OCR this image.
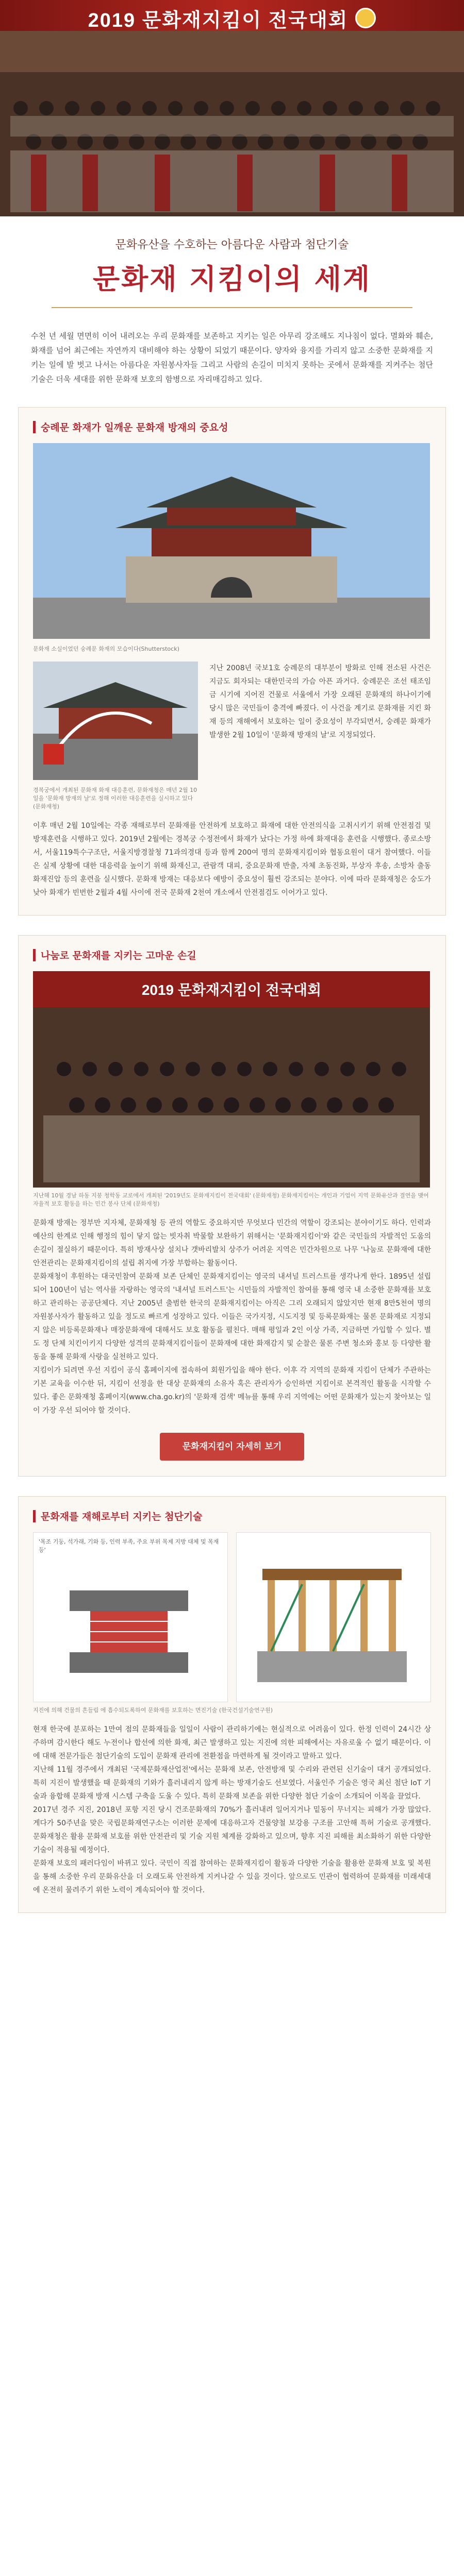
2019 문화재지킴이 전국대회
문화유산을 수호하는 아름다운 사람과 첨단기술
문화재 지킴이의 세계

수천 년 세월 면면히 이어 내려오는 우리 문화재를 보존하고 지키는 일은 아무리 강조해도 지나침이 없다. 멸화와 훼손, 화재를 넘어 최근에는 자연까지 대비해야 하는 상황이 되었기 때문이다. 양자와 융지를 가리지 않고 소중한 문화재를 지키는 일에 발 벗고 나서는 아름다운 자원봉사자들 그리고 사람의 손길이 미치지 못하는 곳에서 문화재를 지켜주는 첨단기술은 더욱 세대를 위한 문화재 보호의 함병으로 자리매김하고 있다.

숭례문 화재가 일깨운 문화재 방재의 중요성
문화재 소실이었던 숭례문 화재의 모습이다(Shutterstock)
경복궁에서 개최된 문화재 화재 대응훈련, 문화재청은 매년 2월 10일을 '문화재 방재의 날'로 정해 이러한 대응훈련을 실시하고 있다 (문화재청)

지난 2008년 국보1호 숭례문의 대부분이 방화로 인해 전소된 사건은 지금도 회자되는 대한민국의 가슴 아픈 과거다. 숭례문은 조선 태조임금 시기에 지어진 건물로 서울에서 가장 오래된 문화재의 하나이기에 당시 많은 국민들이 충격에 빠졌다. 이 사건을 계기로 문화재를 지킨 화재 등의 재해에서 보호하는 일이 중요성이 부각되면서, 숭례문 화재가 발생한 2월 10일이 '문화재 방재의 날'로 지정되었다.

이후 매년 2월 10일에는 각종 재해로부터 문화재를 안전하게 보호하고 화재에 대한 안전의식을 고취시키기 위해 안전점검 및 방재훈련을 시행하고 있다. 2019년 2월에는 경복궁 수정전에서 화재가 났다는 가정 하에 화재대응 훈련을 시행했다. 종로소방서, 서울119특수구조단, 서울지방경찰청 71과의경대 등과 함께 200여 명의 문화재지킴이와 협동요원이 대거 참여했다. 이들은 실제 상황에 대한 대응력을 높이기 위해 화재신고, 관람객 대피, 중요문화재 반출, 자체 초동진화, 부상자 후송, 소방차 출동 화재진압 등의 훈련을 실시했다. 문화재 방재는 대응보다 예방이 중요성이 훨씬 강조되는 분야다. 이에 따라 문화재청은 숭도가 낮아 화재가 빈번한 2월과 4월 사이에 전국 문화재 2천여 개소에서 안전점검도 이어가고 있다.

나눔로 문화재를 지키는 고마운 손길
2019 문화재지킴이 전국대회
지난해 10월 경남 하동 지붕 청학동 교로에서 개최된 '2019년도 문화재지킴이 전국대회' (문화재청) 문화재지킴이는 개인과 기업이 지역 문화유산과 결연을 맺어 자율적 보호 활동을 하는 민간 봉사 단체 (문화재청)

문화재 방재는 정부만 지자체, 문화재청 등 관의 역할도 중요하지만 무엇보다 민간의 역할이 강조되는 분야이기도 하다. 인력과 예산의 한계로 인해 행정의 힘이 닿지 않는 빗자취 박물할 보완하기 위해서는 '문화재지킴이'와 같은 국민들의 자발적인 도움의 손길이 절실하기 때문이다. 특히 방재사상 설치나 갯바리발치 상주가 어려운 지역은 민간차원으로 나무 '나눔로 문화재에 대한 안전관리는 문화재지킴이의 설립 취지에 가장 부합하는 활동이다.

문화재청이 후원하는 대국민참여 문화재 보존 단체인 문화재지킴이는 영국의 내셔널 트러스트를 생각나게 한다. 1895년 설립되어 100년이 넘는 역사를 자랑하는 영국의 '내셔널 트러스트'는 시민들의 자발적인 참여를 통해 영국 내 소중한 문화재를 보호하고 관리하는 공공단체다. 지난 2005년 출범한 한국의 문화재지킴이는 아직은 그리 오래되지 않았지만 현재 8만5천여 명의 자원봉사자가 활동하고 있을 정도로 빠르게 성장하고 있다. 이들은 국가지정, 시도지정 및 등록문화재는 물론 문화재로 지정되지 않은 비등록문화재나 매장문화재에 대해서도 보호 활동을 펼친다. 매해 평일과 2인 이상 가족, 지금하면 가입할 수 있다. 별도 정 단체 치킨이키지 다양한 성격의 문화재지킴이들이 문화재에 대한 화재감지 및 순찰은 물론 주변 청소와 홍보 등 다양한 활동을 통해 문화재 사랑을 실천하고 있다.

지킴이가 되려면 우선 지킴이 공식 홈페이지에 접속하여 회원가입을 해야 한다. 이후 각 지역의 문화재 지킴이 단체가 주관하는 기본 교육을 이수한 뒤, 지킴이 선정을 한 대상 문화재의 소유자 혹은 관리자가 승인하면 지킴이로 본격적인 활동을 시작할 수 있다. 좋은 문화재청 홈페이지(www.cha.go.kr)의 '문화재 검색' 메뉴를 통해 우리 지역에는 어떤 문화재가 있는지 찾아보는 일이 가장 우선 되어야 할 것이다.

문화재지킴이 자세히 보기
문화재를 재해로부터 지키는 첨단기술
'목조 기둥, 석가래, 기와 등, 인력 부족, 주요 부위 목제 지방 대체 및 목재 등'
지진에 의해 건물의 흔들림 에 흡수되도록하여 문화재를 보호하는 면진기술 (한국건설기술연구원)

현재 한국에 분포하는 1만여 점의 문화재들을 일일이 사람이 관리하기에는 현실적으로 어려움이 있다. 한정 인력이 24시간 상주하며 감시한다 해도 누전이나 합선에 의한 화재, 최근 발생하고 있는 지진에 의한 피해에서는 자유로울 수 없기 때문이다. 이에 대해 전문가들은 첨단기술의 도입이 문화재 관리에 전환점을 마련하게 될 것이라고 말하고 있다.

지난해 11월 경주에서 개최된 '국제문화재산업전'에서는 문화재 보존, 안전방재 및 수리와 관련된 신기술이 대거 공개되었다. 특히 지진이 발생했을 때 문화재의 기와가 흘러내리지 않게 하는 방재기술도 선보였다. 서울인주 기술은 영국 최신 첨단 IoT 기술과 융합해 문화재 방재 시스템 구축을 도울 수 있다. 특히 문화재 보존을 위한 다양한 첨단 기술이 소개되어 이목을 끌었다.

2017년 경주 지진, 2018년 포항 지진 당시 건조문화재의 70%가 흘러내려 일어지거나 밑동이 무너지는 피해가 가장 많았다. 게다가 50주년을 맞은 국립문화재연구소는 이러한 문제에 대응하고자 건물양철 보강용 구조를 고안해 특허 기술로 공개했다. 문화재청은 활용 문화재 보호를 위한 안전관리 및 기술 지원 체계를 강화하고 있으며, 향후 지진 피해를 최소화하기 위한 다양한 기술이 적용될 예정이다.

문화재 보호의 패러다임이 바뀌고 있다. 국민이 직접 참여하는 문화재지킴이 활동과 다양한 기술을 활용한 문화재 보호 및 복원을 통해 소중한 우리 문화유산을 더 오래도록 안전하게 지켜나갈 수 있을 것이다. 앞으로도 민관이 협력하여 문화재를 미래세대에 온전히 물려주기 위한 노력이 계속되어야 할 것이다.
